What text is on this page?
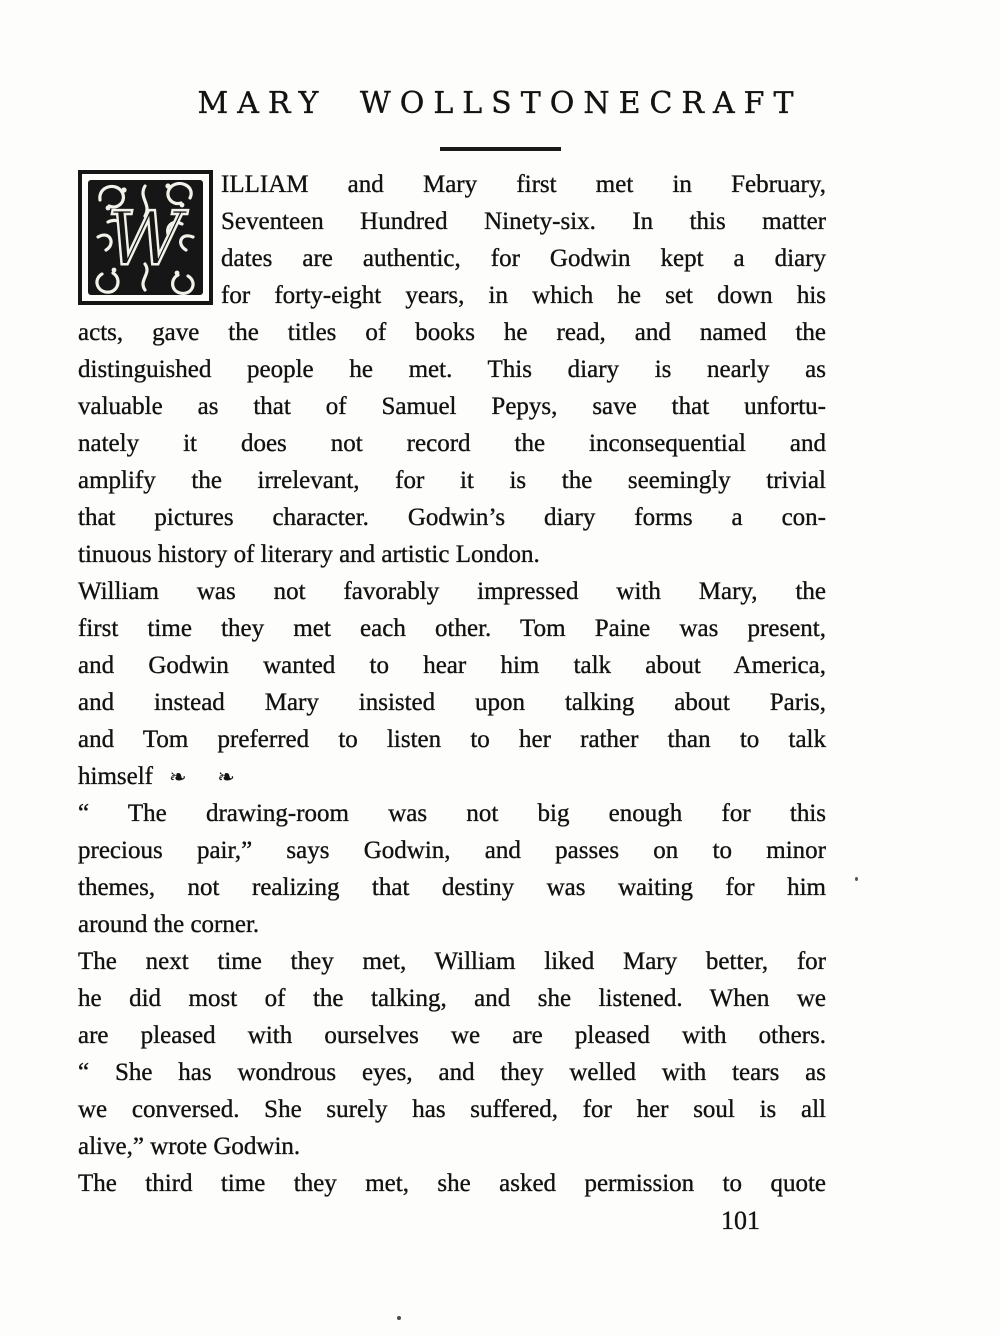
MARY WOLLSTONECRAFT
W
ILLIAM and Mary first met in February,
Seventeen Hundred Ninety-six. In this matter
dates are authentic, for Godwin kept a diary
for forty-eight years, in which he set down his
acts, gave the titles of books he read, and named the
distinguished people he met. This diary is nearly as
valuable as that of Samuel Pepys, save that unfortu-
nately it does not record the inconsequential and
amplify the irrelevant, for it is the seemingly trivial
that pictures character. Godwin’s diary forms a con-
tinuous history of literary and artistic London.
William was not favorably impressed with Mary, the
first time they met each other. Tom Paine was present,
and Godwin wanted to hear him talk about America,
and instead Mary insisted upon talking about Paris,
and Tom preferred to listen to her rather than to talk
himself ❧ ❧
“ The drawing-room was not big enough for this
precious pair,” says Godwin, and passes on to minor
themes, not realizing that destiny was waiting for him
around the corner.
The next time they met, William liked Mary better, for
he did most of the talking, and she listened. When we
are pleased with ourselves we are pleased with others.
“ She has wondrous eyes, and they welled with tears as
we conversed. She surely has suffered, for her soul is all
alive,” wrote Godwin.
The third time they met, she asked permission to quote
101
